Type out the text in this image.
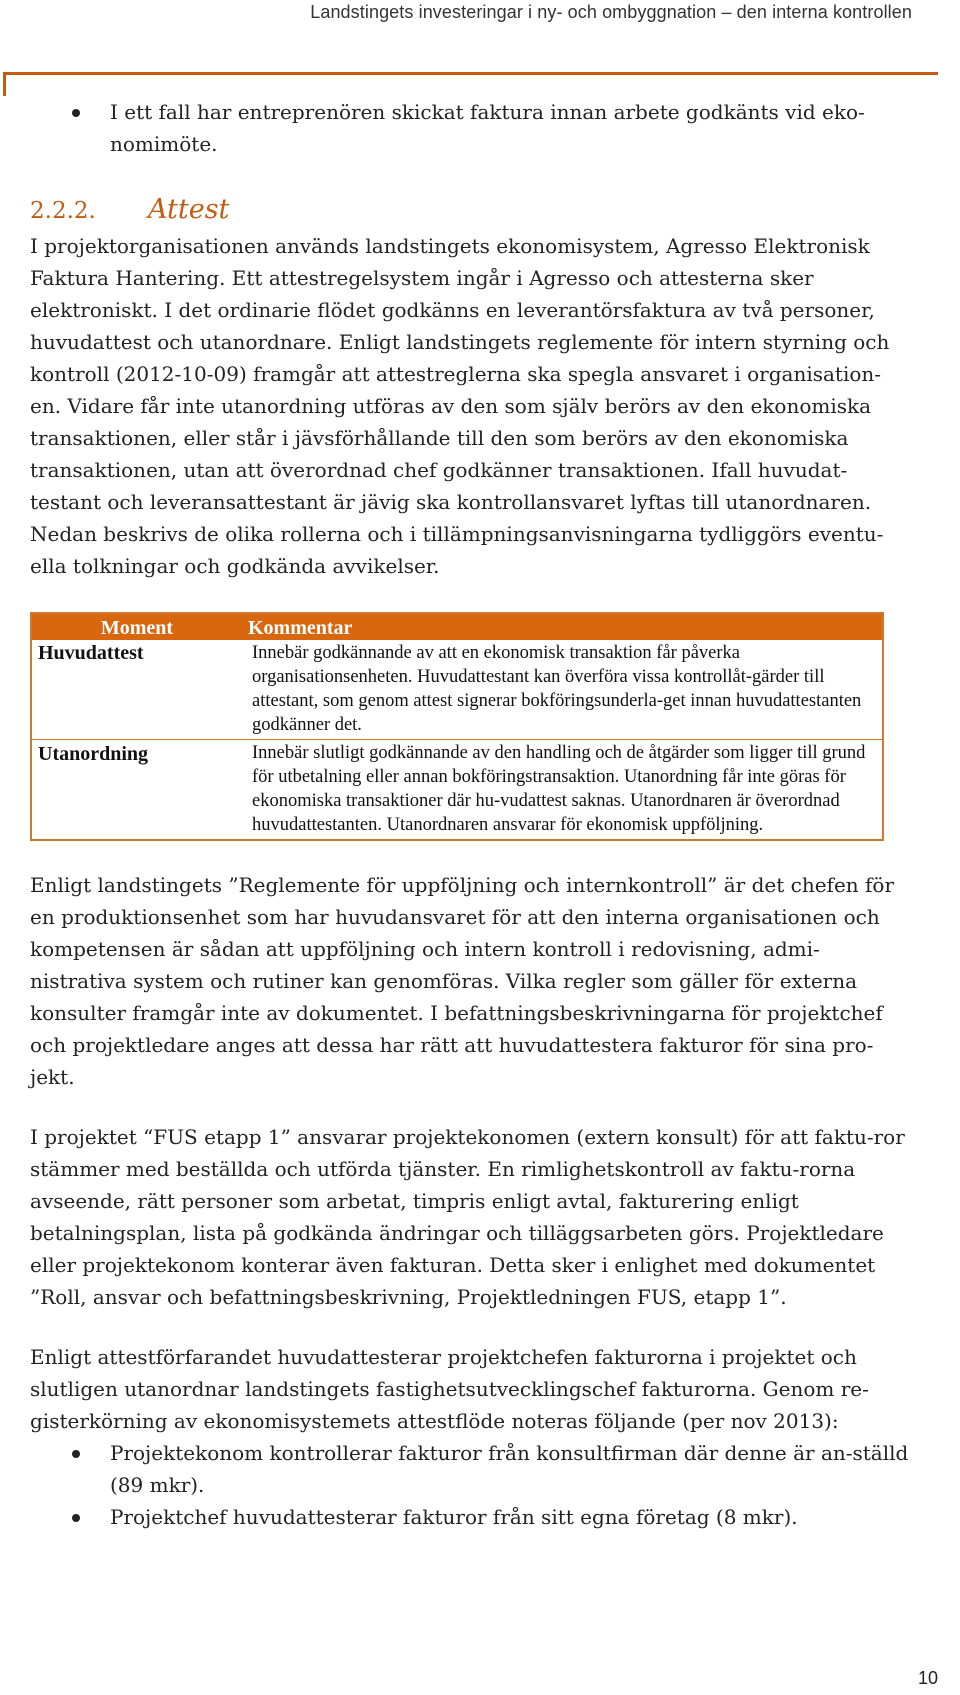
Landstingets investeringar i ny- och ombyggnation – den interna kontrollen
I ett fall har entreprenören skickat faktura innan arbete godkänts vid eko-nomimöte.
2.2.2. Attest

I projektorganisationen används landstingets ekonomisystem, Agresso Elektronisk Faktura Hantering. Ett attestregelsystem ingår i Agresso och attesterna sker elektroniskt. I det ordinarie flödet godkänns en leverantörsfaktura av två personer, huvudattest och utanordnare. Enligt landstingets reglemente för intern styrning och kontroll (2012-10-09) framgår att attestreglerna ska spegla ansvaret i organisation-en. Vidare får inte utanordning utföras av den som själv berörs av den ekonomiska transaktionen, eller står i jävsförhållande till den som berörs av den ekonomiska transaktionen, utan att överordnad chef godkänner transaktionen. Ifall huvudat-testant och leveransattestant är jävig ska kontrollansvaret lyftas till utanordnaren. Nedan beskrivs de olika rollerna och i tillämpningsanvisningarna tydliggörs eventu-ella tolkningar och godkända avvikelser.

Moment	Kommentar
Huvudattest	Innebär godkännande av att en ekonomisk transaktion får påverka organisationsenheten. Huvudattestant kan överföra vissa kontrollåt-gärder till attestant, som genom attest signerar bokföringsunderla-get innan huvudattestanten godkänner det.
Utanordning	Innebär slutligt godkännande av den handling och de åtgärder som ligger till grund för utbetalning eller annan bokföringstransaktion. Utanordning får inte göras för ekonomiska transaktioner där hu-vudattest saknas. Utanordnaren är överordnad huvudattestanten. Utanordnaren ansvarar för ekonomisk uppföljning.

Enligt landstingets ”Reglemente för uppföljning och internkontroll” är det chefen för en produktionsenhet som har huvudansvaret för att den interna organisationen och kompetensen är sådan att uppföljning och intern kontroll i redovisning, admi-nistrativa system och rutiner kan genomföras. Vilka regler som gäller för externa konsulter framgår inte av dokumentet. I befattningsbeskrivningarna för projektchef och projektledare anges att dessa har rätt att huvudattestera fakturor för sina pro-jekt.

I projektet “FUS etapp 1” ansvarar projektekonomen (extern konsult) för att faktu-ror stämmer med beställda och utförda tjänster. En rimlighetskontroll av faktu-rorna avseende, rätt personer som arbetat, timpris enligt avtal, fakturering enligt betalningsplan, lista på godkända ändringar och tilläggsarbeten görs. Projektledare eller projektekonom konterar även fakturan. Detta sker i enlighet med dokumentet ”Roll, ansvar och befattningsbeskrivning, Projektledningen FUS, etapp 1”.

Enligt attestförfarandet huvudattesterar projektchefen fakturorna i projektet och slutligen utanordnar landstingets fastighetsutvecklingschef fakturorna. Genom re-gisterkörning av ekonomisystemets attestflöde noteras följande (per nov 2013):

Projektekonom kontrollerar fakturor från konsultfirman där denne är an-ställd (89 mkr).
Projektchef huvudattesterar fakturor från sitt egna företag (8 mkr).
10
